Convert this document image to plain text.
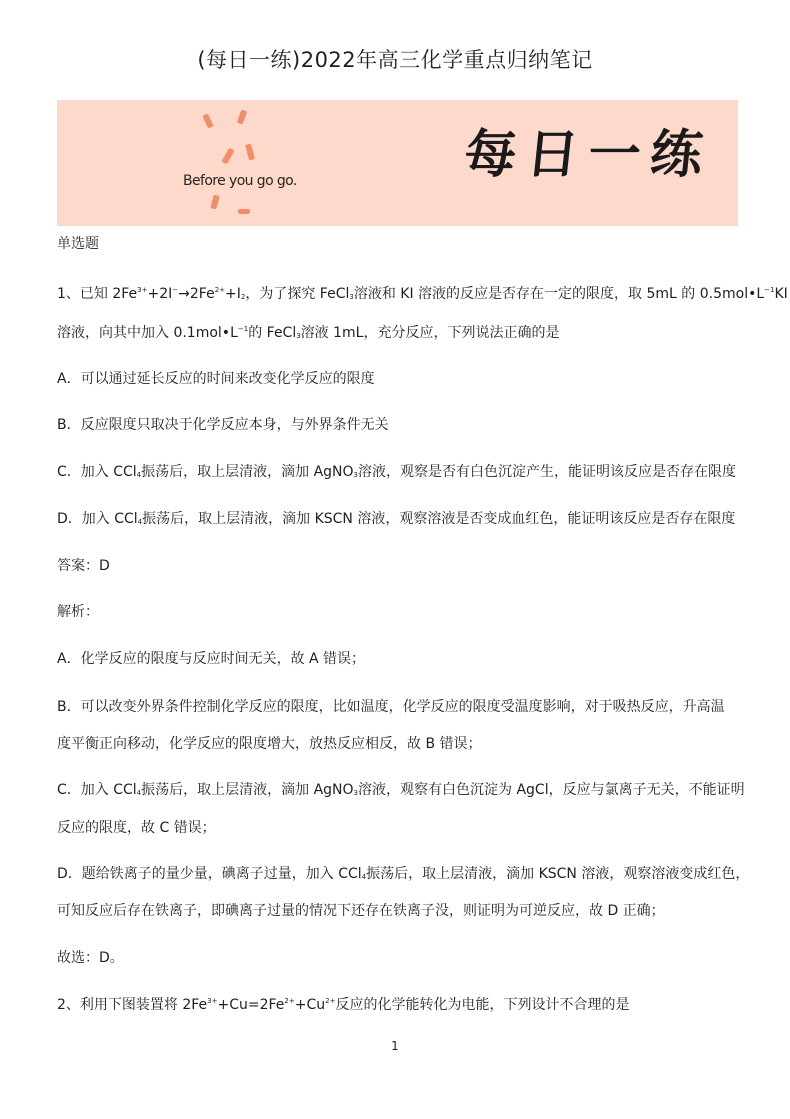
(每日一练)2022年高三化学重点归纳笔记
Before you go go.	每日一练
单选题
1、已知 $2Fe^{3+}+2I^-\to 2Fe^{2+}+I_2$，为了探究 FeCl$_3$溶液和 KI 溶液的反应是否存在一定的限度，取 5mL 的 $0.5mol•L^{-1}KI$
溶液，向其中加入 $0.1mol•L^{-1}$的 FeCl$_3$溶液 1mL，充分反应，下列说法正确的是
A．可以通过延长反应的时间来改变化学反应的限度
B．反应限度只取决于化学反应本身，与外界条件无关
C．加入 CCl$_4$振荡后，取上层清液，滴加 AgNO$_3$溶液，观察是否有白色沉淀产生，能证明该反应是否存在限度
D．加入 CCl$_4$振荡后，取上层清液，滴加 KSCN 溶液，观察溶液是否变成血红色，能证明该反应是否存在限度
答案：D
解析：
A．化学反应的限度与反应时间无关，故 A 错误；
B．可以改变外界条件控制化学反应的限度，比如温度，化学反应的限度受温度影响，对于吸热反应，升高温
度平衡正向移动，化学反应的限度增大，放热反应相反，故 B 错误；
C．加入 CCl$_4$振荡后，取上层清液，滴加 AgNO$_3$溶液，观察有白色沉淀为 AgCl，反应与氯离子无关，不能证明
反应的限度，故 C 错误；
D．题给铁离子的量少量，碘离子过量，加入 CCl$_4$振荡后，取上层清液，滴加 KSCN 溶液，观察溶液变成红色，
可知反应后存在铁离子，即碘离子过量的情况下还存在铁离子没，则证明为可逆反应，故 D 正确；
故选：D。
2、利用下图装置将 $2Fe^{3+}+Cu=2Fe^{2+}+Cu^{2+}$反应的化学能转化为电能，下列设计不合理的是
1
